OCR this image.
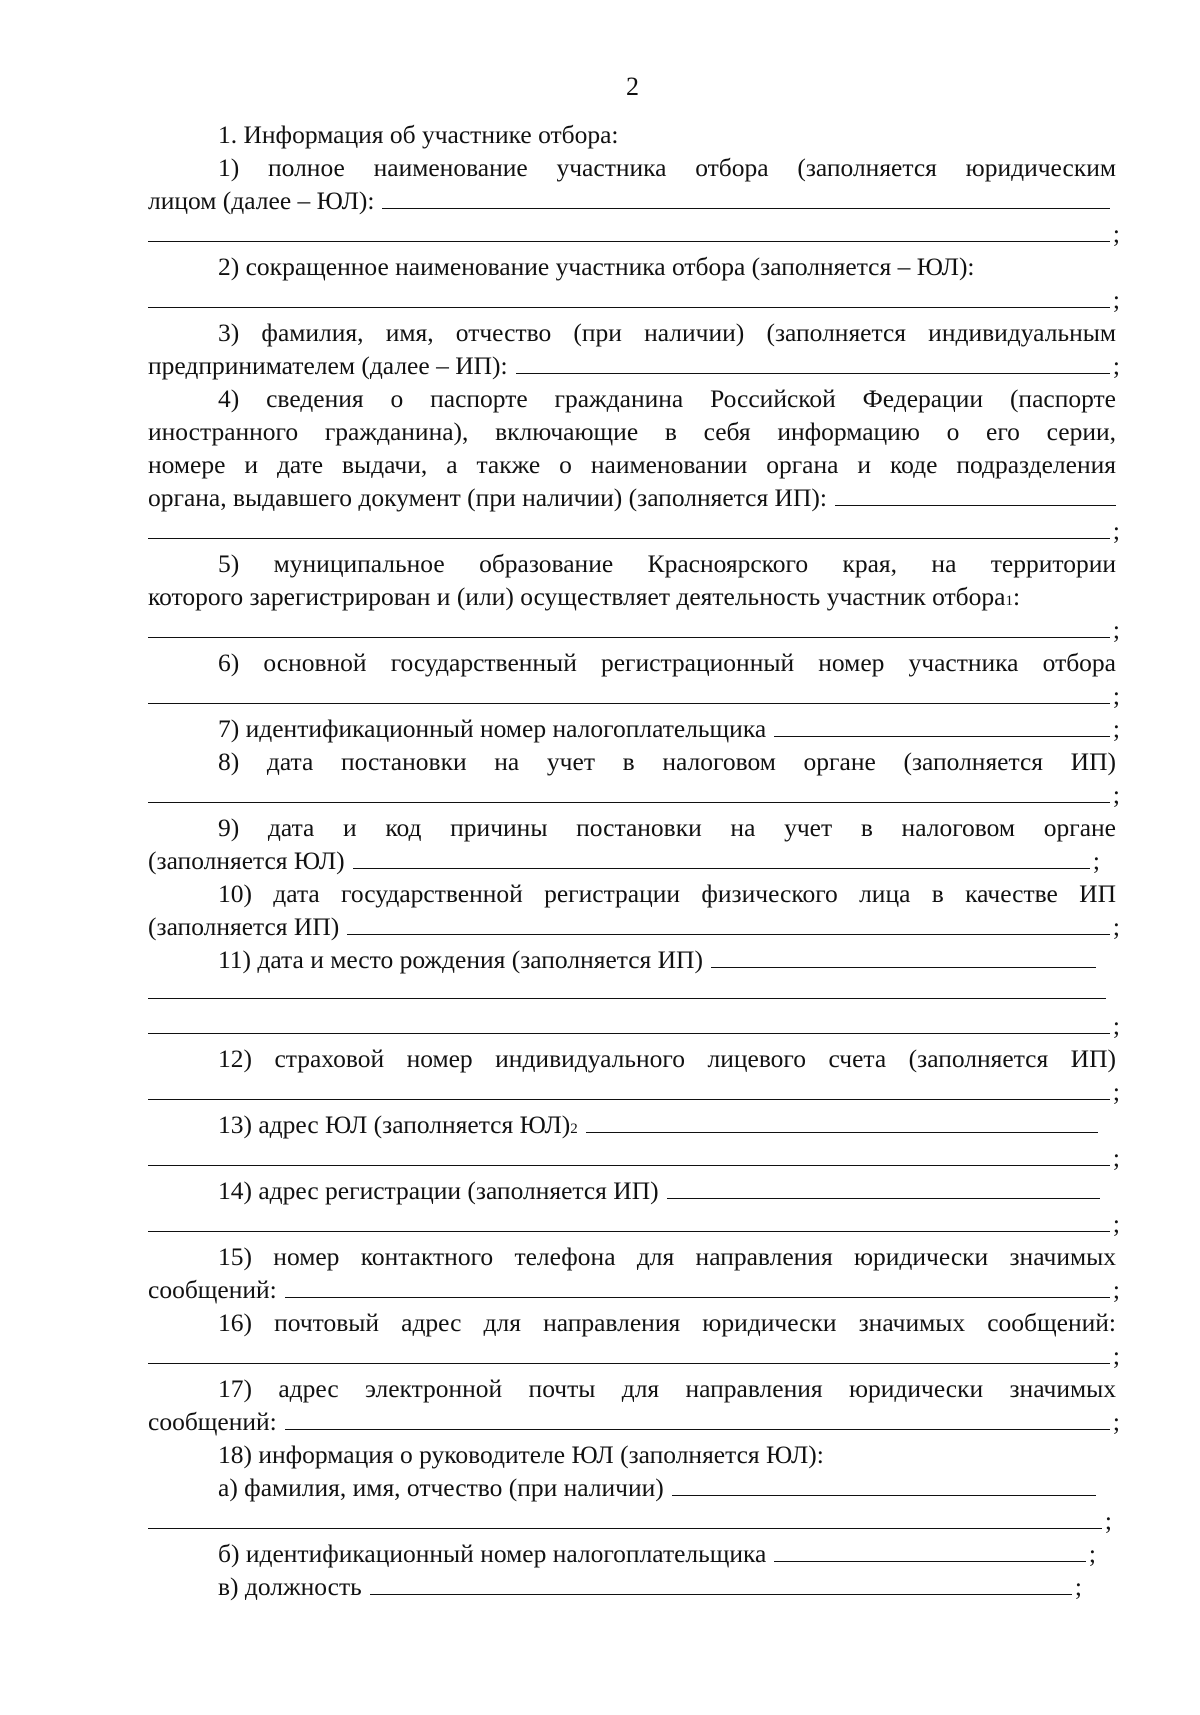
2
1. Информация об участнике отбора:
1) полное наименование участника отбора (заполняется юридическим
лицом (далее – ЮЛ):
;
2) сокращенное наименование участника отбора (заполняется – ЮЛ):
;
3) фамилия, имя, отчество (при наличии) (заполняется индивидуальным
предпринимателем (далее – ИП):	;
4) сведения о паспорте гражданина Российской Федерации (паспорте
иностранного гражданина), включающие в себя информацию о его серии,
номере и дате выдачи, а также о наименовании органа и коде подразделения
органа, выдавшего документ (при наличии) (заполняется ИП):
;
5) муниципальное образование Красноярского края, на территории
которого зарегистрирован и (или) осуществляет деятельность участник отбора 1 :
;
6) основной государственный регистрационный номер участника отбора
;
7) идентификационный номер налогоплательщика	;
8) дата постановки на учет в налоговом органе (заполняется ИП)
;
9) дата и код причины постановки на учет в налоговом органе
(заполняется ЮЛ)	;
10) дата государственной регистрации физического лица в качестве ИП
(заполняется ИП)	;
11) дата и место рождения (заполняется ИП)
;
12) страховой номер индивидуального лицевого счета (заполняется ИП)
;
13) адрес ЮЛ (заполняется ЮЛ) 2
;
14) адрес регистрации (заполняется ИП)
;
15) номер контактного телефона для направления юридически значимых
сообщений:	;
16) почтовый адрес для направления юридически значимых сообщений:
;
17) адрес электронной почты для направления юридически значимых
сообщений:	;
18) информация о руководителе ЮЛ (заполняется ЮЛ):
а) фамилия, имя, отчество (при наличии)
;
б) идентификационный номер налогоплательщика	;
в) должность	;
